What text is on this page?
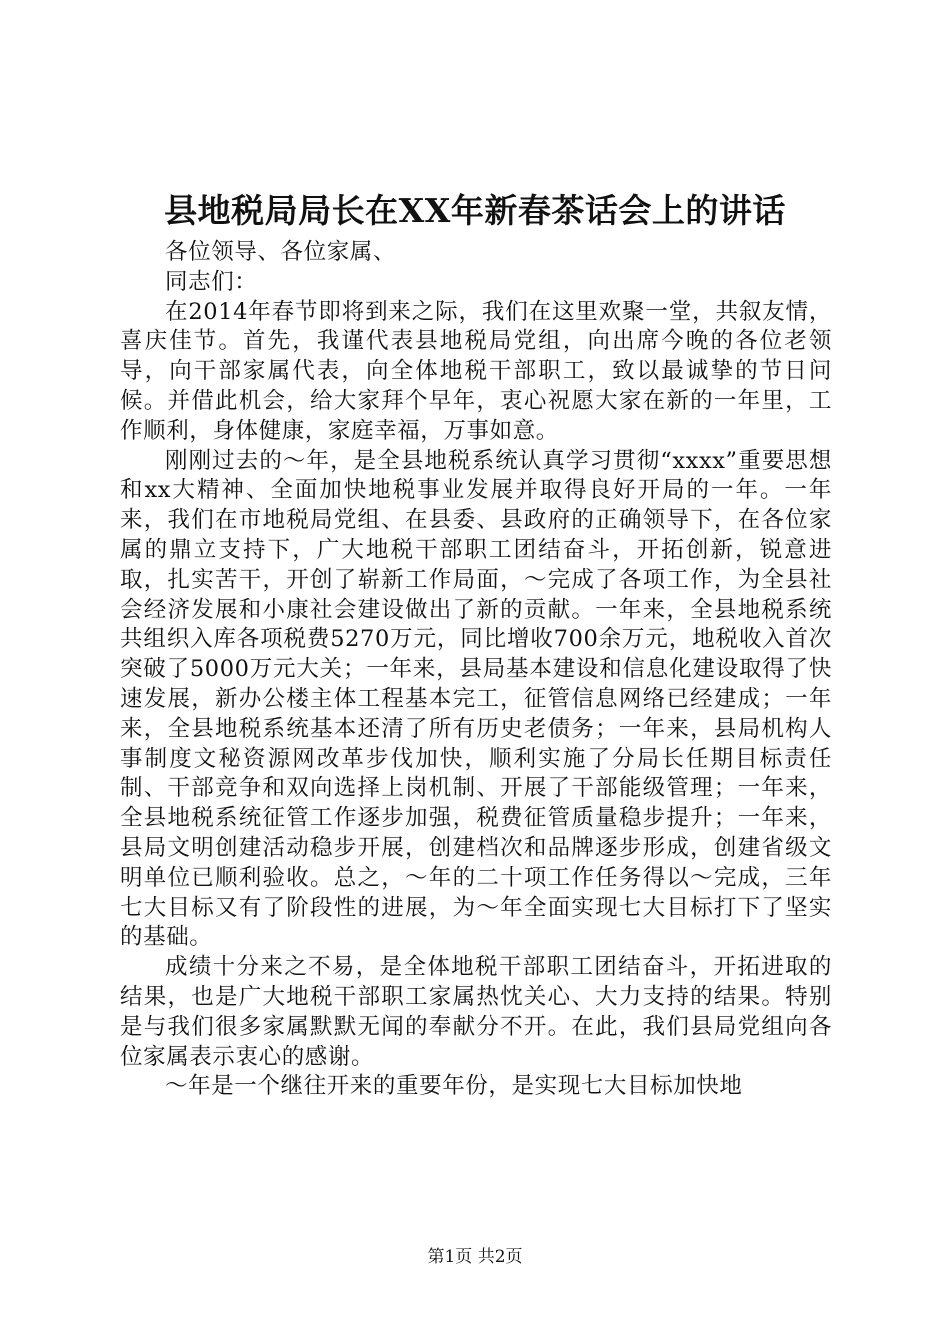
县地税局局长在XX年新春茶话会上的讲话

各位领导、各位家属、

同志们：

在2014年春节即将到来之际，我们在这里欢聚一堂，共叙友情，喜庆佳节。首先，我谨代表县地税局党组，向出席今晚的各位老领导，向干部家属代表，向全体地税干部职工，致以最诚挚的节日问候。并借此机会，给大家拜个早年，衷心祝愿大家在新的一年里，工作顺利，身体健康，家庭幸福，万事如意。

刚刚过去的～年，是全县地税系统认真学习贯彻“xxxx”重要思想和xx大精神、全面加快地税事业发展并取得良好开局的一年。一年来，我们在市地税局党组、在县委、县政府的正确领导下，在各位家属的鼎立支持下，广大地税干部职工团结奋斗，开拓创新，锐意进取，扎实苦干，开创了崭新工作局面，～完成了各项工作，为全县社会经济发展和小康社会建设做出了新的贡献。一年来，全县地税系统共组织入库各项税费5270万元，同比增收700余万元，地税收入首次突破了5000万元大关；一年来，县局基本建设和信息化建设取得了快速发展，新办公楼主体工程基本完工，征管信息网络已经建成；一年来，全县地税系统基本还清了所有历史老债务；一年来，县局机构人事制度文秘资源网改革步伐加快，顺利实施了分局长任期目标责任制、干部竞争和双向选择上岗机制、开展了干部能级管理；一年来，全县地税系统征管工作逐步加强，税费征管质量稳步提升；一年来，县局文明创建活动稳步开展，创建档次和品牌逐步形成，创建省级文明单位已顺利验收。总之，～年的二十项工作任务得以～完成，三年七大目标又有了阶段性的进展，为～年全面实现七大目标打下了坚实的基础。

成绩十分来之不易，是全体地税干部职工团结奋斗，开拓进取的结果，也是广大地税干部职工家属热忱关心、大力支持的结果。特别是与我们很多家属默默无闻的奉献分不开。在此，我们县局党组向各位家属表示衷心的感谢。

～年是一个继往开来的重要年份，是实现七大目标加快地

第1页 共2页
